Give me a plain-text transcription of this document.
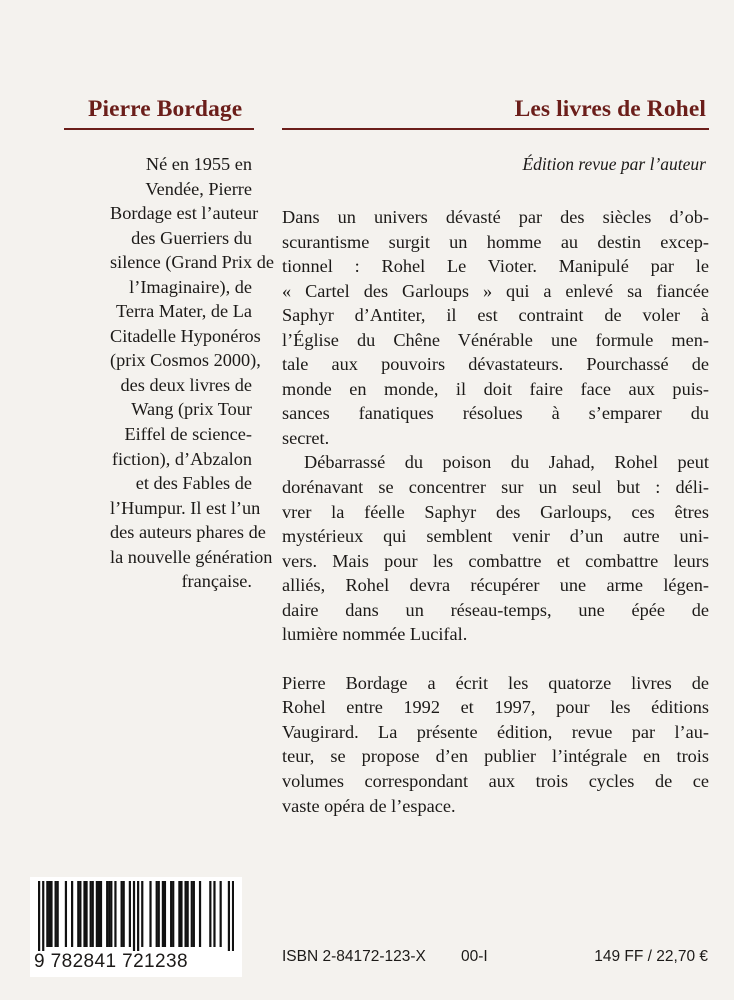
Pierre Bordage	Les livres de Rohel
Né en 1955 en
Vendée, Pierre
Bordage est l’auteur
des Guerriers du
silence (Grand Prix de
l’Imaginaire), de
Terra Mater, de La
Citadelle Hyponéros
(prix Cosmos 2000),
des deux livres de
Wang (prix Tour
Eiffel de science-
fiction), d’Abzalon
et des Fables de
l’Humpur. Il est l’un
des auteurs phares de
la nouvelle génération
française.
Édition revue par l’auteur
Dans un univers dévasté par des siècles d’ob-
scurantisme surgit un homme au destin excep-
tionnel : Rohel Le Vioter. Manipulé par le
« Cartel des Garloups » qui a enlevé sa fiancée
Saphyr d’Antiter, il est contraint de voler à
l’Église du Chêne Vénérable une formule men-
tale aux pouvoirs dévastateurs. Pourchassé de
monde en monde, il doit faire face aux puis-
sances fanatiques résolues à s’emparer du
secret.
Débarrassé du poison du Jahad, Rohel peut
dorénavant se concentrer sur un seul but : déli-
vrer la féelle Saphyr des Garloups, ces êtres
mystérieux qui semblent venir d’un autre uni-
vers. Mais pour les combattre et combattre leurs
alliés, Rohel devra récupérer une arme légen-
daire dans un réseau-temps, une épée de
lumière nommée Lucifal.
Pierre Bordage a écrit les quatorze livres de
Rohel entre 1992 et 1997, pour les éditions
Vaugirard. La présente édition, revue par l’au-
teur, se propose d’en publier l’intégrale en trois
volumes correspondant aux trois cycles de ce
vaste opéra de l’espace.
9 782841 721238	ISBN 2-84172-123-X 00-I	149 FF / 22,70 €
